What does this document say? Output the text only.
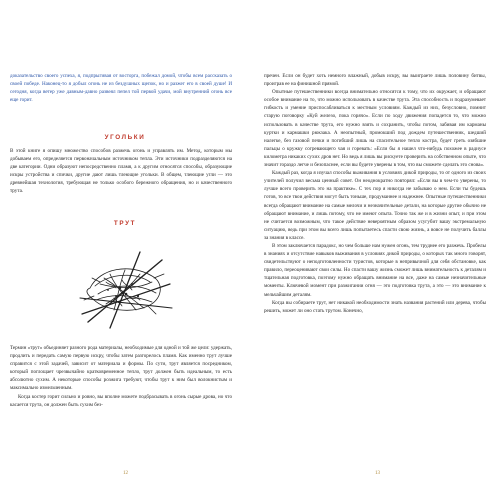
доказательство своего успеха, я, подпрыгивая от восторга, побежал домой, чтобы всем рассказать о своей победе. Наконец-то я добыл огонь не из бездушных щепок, но и разжег его в своей душе! И сегодня, когда ветер уже давным-давно развеял пепел той первой удачи, мой внутренний огонь все еще горит.

УГОЛЬКИ

В этой книге я опишу множество способов разжечь огонь и управлять им. Метод, которым мы добываем его, определяется первоначальным источником тепла. Эти источники подразделяются на две категории. Одни образуют непосредственно пламя, а к другим относятся способы, образующие искры устройства и спички, другие дают лишь тлеющие угольки. В общем, тлеющие угли — это древнейшая технология, требующая не только особого бережного обращения, но и качественного трута.

ТРУТ

Термин «трут» объединяет разного рода материалы, необходимые для одной и той же цели: удержать, продлить и передать самую первую искру, чтобы затем разгорелось пламя. Как именно трут лучше справится с этой задачей, зависит от материала и формы. По сути, трут является посредником, который поглощает чрезвычайно кратковременное тепло, трут должен быть идеальным, то есть абсолютно сухим. А некоторые способы розжига требуют, чтобы трут к ним был волокнистым и максимально измельченным.

Когда костер горит сильно и ровно, вы вполне можете подбрасывать в огонь сырые дрова, но что касается трута, он должен быть сухим без-

12

пречен. Если он будет хоть немного влажный, добыв искру, вы выиграете лишь половину битвы, проиграв ее на финишной прямой.

Опытные путешественники всегда внимательно относятся к тому, что их окружает, и обращают особое внимание на то, что можно использовать в качестве трута. Эта способность и подразумевает гибкость и умение приспосабливаться к местным условиям. Каждый из них, безусловно, помнит старую поговорку «Куй железо, пока горячо». Если по ходу движения попадется то, что можно использовать в качестве трута, его нужно взять и сохранить, чтобы потом, забивая им карманы куртки и кармашки рюкзака. А неопытный, промокший под дождем путешественник, шедший налегке, без газовой печки и погибший лишь на спасительное тепло костра, будет греть озябшие пальцы о кружку согревающего чая и горевать: «Если бы я нашел что-нибудь похожее в радиусе километра никаких сухих дров нет. Но ведь я лишь вы рискуете проверить на собственном опыте, что значит гораздо легче и безопаснее, если вы будете уверены в том, что вы сможете сделать это снова».

Каждый раз, когда я изучал способы выживания в условиях дикой природы, то от одного из своих учителей получил весьма ценный совет. Он неоднократно повторял: «Если вы в чем-то уверены, то лучше всего проверить это на практике». С тех пор я никогда не забываю о нем. Если ты будешь готов, то все твои действия могут быть тоньше, продуманнее и надежнее. Опытные путешественники всегда обращают внимание на самые мелочи и незначительные детали, на которые другие обычно не обращают внимание, и лишь потому, что не имеют опыта. Точно так же и в жизни опыт, и при этом не считается возможным, что такое действие невероятным образом усугубит вашу экстремальную ситуацию, ведь при этом вы всего лишь попытаетесь спасти свою жизнь, а вовсе не получить баллы за знания в классе.

В этом заключается парадокс, но чем больше нам нужен огонь, тем труднее его разжечь. Пробелы в знаниях и отсутствие навыков выживания в условиях дикой природы, о которых так много говорят, свидетельствуют о неподготовленности туристов, которые в непривычной для себя обстановке, как правило, переоценивают свои силы. Но спасти вашу жизнь сможет лишь внимательность к деталям и тщательная подготовка, поэтому нужно обращать внимание на все, даже на самые незначительные моменты. Ключевой момент при разжигании огня — это подготовка трута, а это — это внимание к мельчайшим деталям.

Когда вы собираете трут, нет никакой необходимости знать названия растений или дерева, чтобы решить, может ли оно стать трутом. Конечно,

13
